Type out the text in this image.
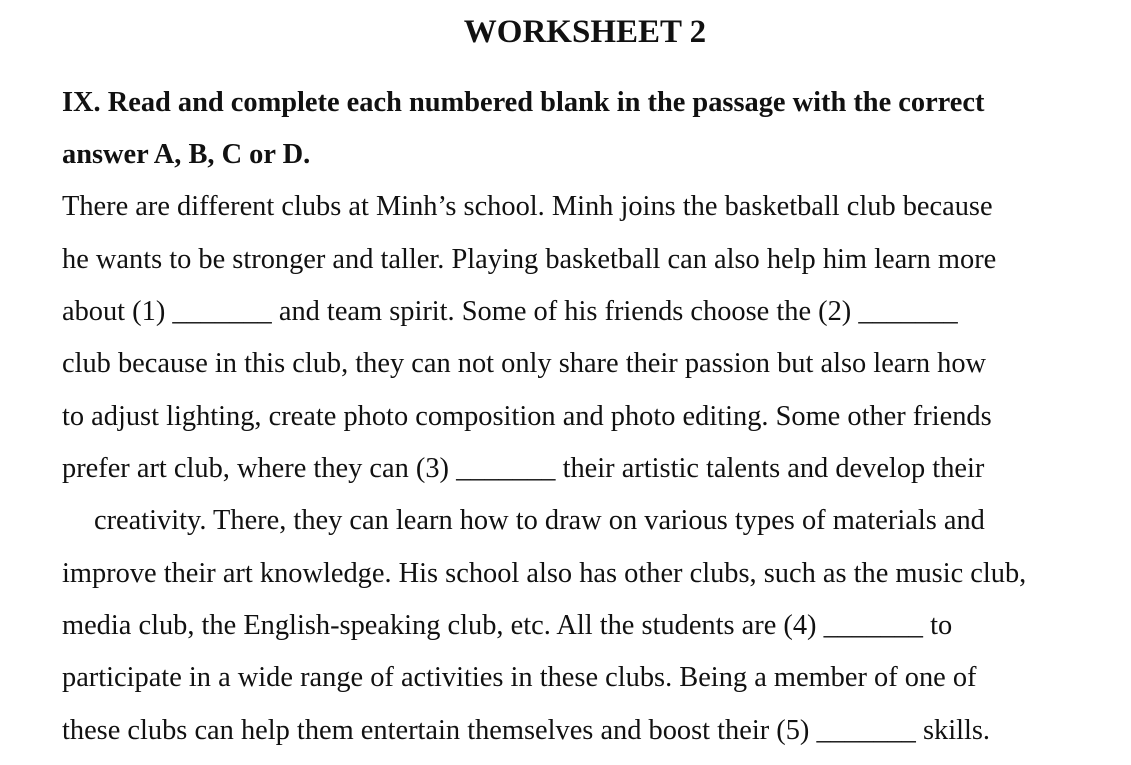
WORKSHEET 2

IX. Read and complete each numbered blank in the passage with the correct

answer A, B, C or D.

There are different clubs at Minh’s school. Minh joins the basketball club because

he wants to be stronger and taller. Playing basketball can also help him learn more

about (1) _______ and team spirit. Some of his friends choose the (2) _______

club because in this club, they can not only share their passion but also learn how

to adjust lighting, create photo composition and photo editing. Some other friends

prefer art club, where they can (3) _______ their artistic talents and develop their

creativity. There, they can learn how to draw on various types of materials and

improve their art knowledge. His school also has other clubs, such as the music club,

media club, the English-speaking club, etc. All the students are (4) _______ to

participate in a wide range of activities in these clubs. Being a member of one of

these clubs can help them entertain themselves and boost their (5) _______ skills.
